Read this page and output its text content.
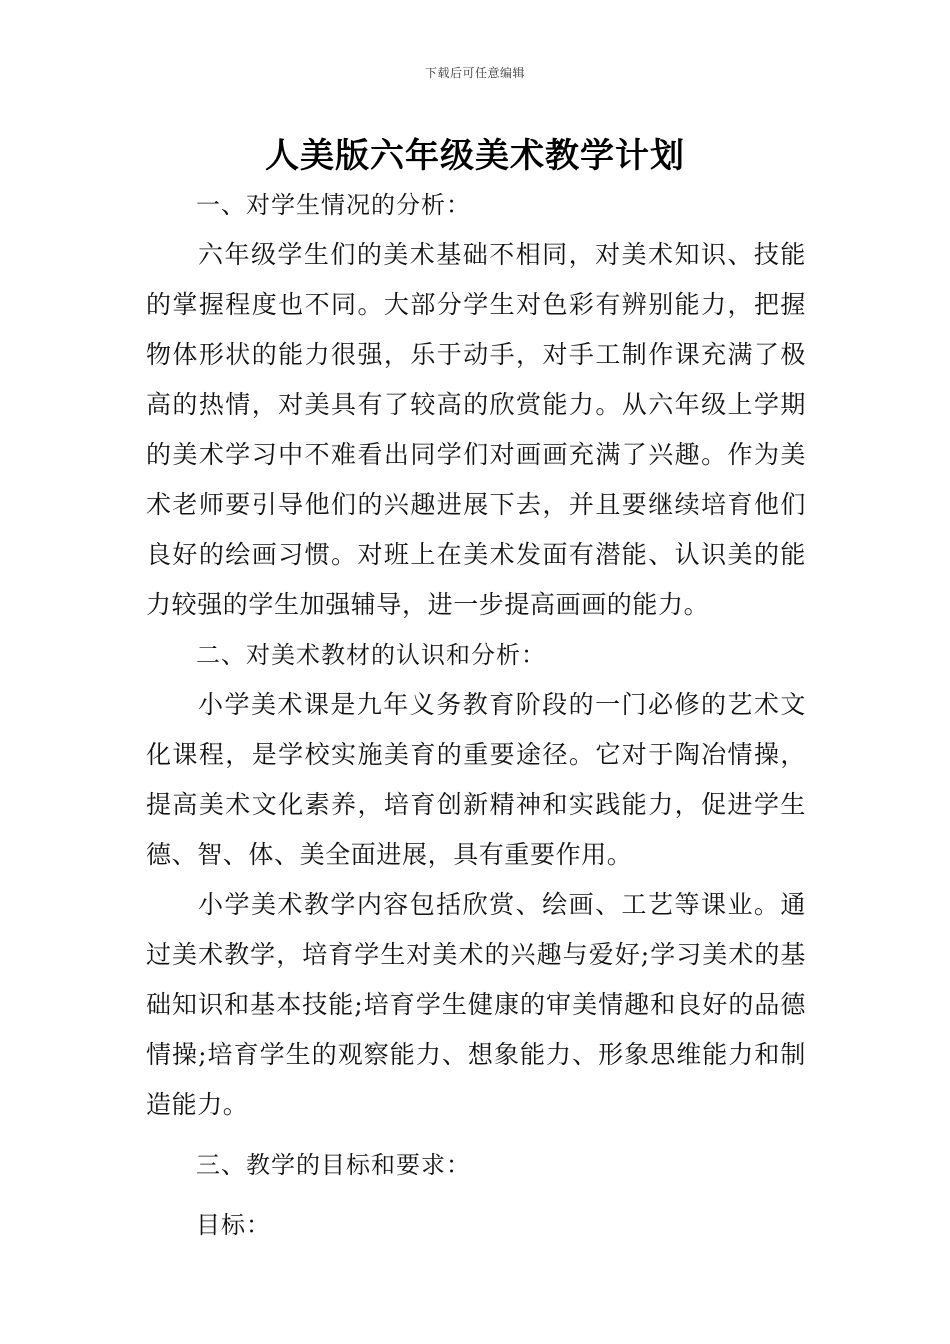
下载后可任意编辑
人美版六年级美术教学计划

一、对学生情况的分析：

六年级学生们的美术基础不相同，对美术知识、技能的掌握程度也不同。大部分学生对色彩有辨别能力，把握物体形状的能力很强，乐于动手，对手工制作课充满了极高的热情，对美具有了较高的欣赏能力。从六年级上学期的美术学习中不难看出同学们对画画充满了兴趣。作为美术老师要引导他们的兴趣进展下去，并且要继续培育他们良好的绘画习惯。对班上在美术发面有潜能、认识美的能力较强的学生加强辅导，进一步提高画画的能力。

二、对美术教材的认识和分析：

小学美术课是九年义务教育阶段的一门必修的艺术文化课程，是学校实施美育的重要途径。它对于陶冶情操，提高美术文化素养，培育创新精神和实践能力，促进学生德、智、体、美全面进展，具有重要作用。

小学美术教学内容包括欣赏、绘画、工艺等课业。通过美术教学，培育学生对美术的兴趣与爱好;学习美术的基础知识和基本技能;培育学生健康的审美情趣和良好的品德情操;培育学生的观察能力、想象能力、形象思维能力和制造能力。

三、教学的目标和要求：

目标：
